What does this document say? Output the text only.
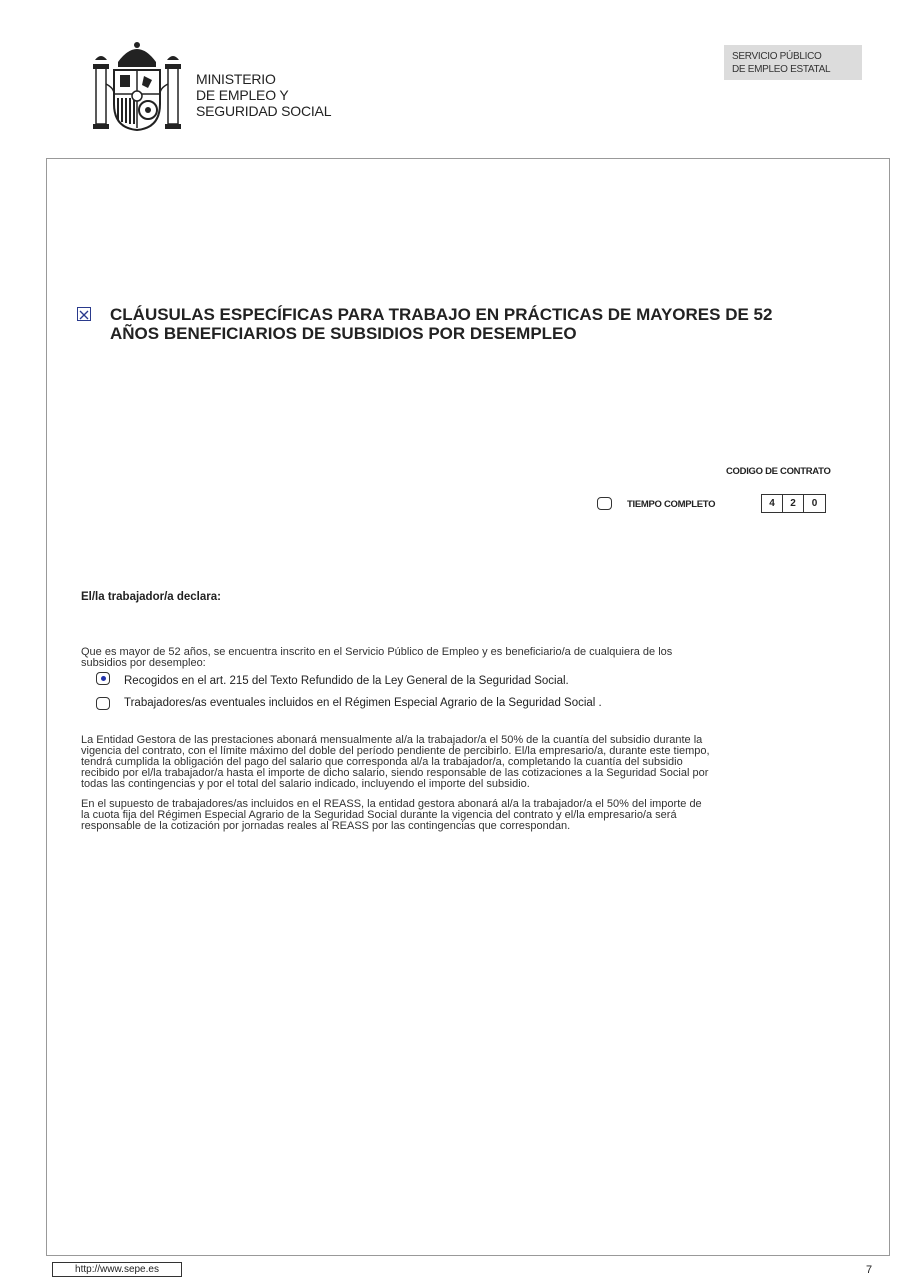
MINISTERIO
DE EMPLEO Y
SEGURIDAD SOCIAL
SERVICIO PÚBLICO
DE EMPLEO ESTATAL
CLÁUSULAS ESPECÍFICAS PARA TRABAJO EN PRÁCTICAS DE MAYORES DE 52
AÑOS BENEFICIARIOS DE SUBSIDIOS POR DESEMPLEO
CODIGO DE CONTRATO
TIEMPO COMPLETO	4	2	0
El/la trabajador/a declara:
Que es mayor de 52 años, se encuentra inscrito en el Servicio Público de Empleo y es beneficiario/a de cualquiera de los
subsidios por desempleo:
Recogidos en el art. 215 del Texto Refundido de la Ley General de la Seguridad Social.
Trabajadores/as eventuales incluidos en el Régimen Especial Agrario de la Seguridad Social .
La Entidad Gestora de las prestaciones abonará mensualmente al/a la trabajador/a el 50% de la cuantía del subsidio durante la
vigencia del contrato, con el límite máximo del doble del período pendiente de percibirlo. El/la empresario/a, durante este tiempo,
tendrá cumplida la obligación del pago del salario que corresponda al/a la trabajador/a, completando la cuantía del subsidio
recibido por el/la trabajador/a hasta el importe de dicho salario, siendo responsable de las cotizaciones a la Seguridad Social por
todas las contingencias y por el total del salario indicado, incluyendo el importe del subsidio.
En el supuesto de trabajadores/as incluidos en el REASS, la entidad gestora abonará al/a la trabajador/a el 50% del importe de
la cuota fija del Régimen Especial Agrario de la Seguridad Social durante la vigencia del contrato y el/la empresario/a será
responsable de la cotización por jornadas reales al REASS por las contingencias que correspondan.
http://www.sepe.es	7
